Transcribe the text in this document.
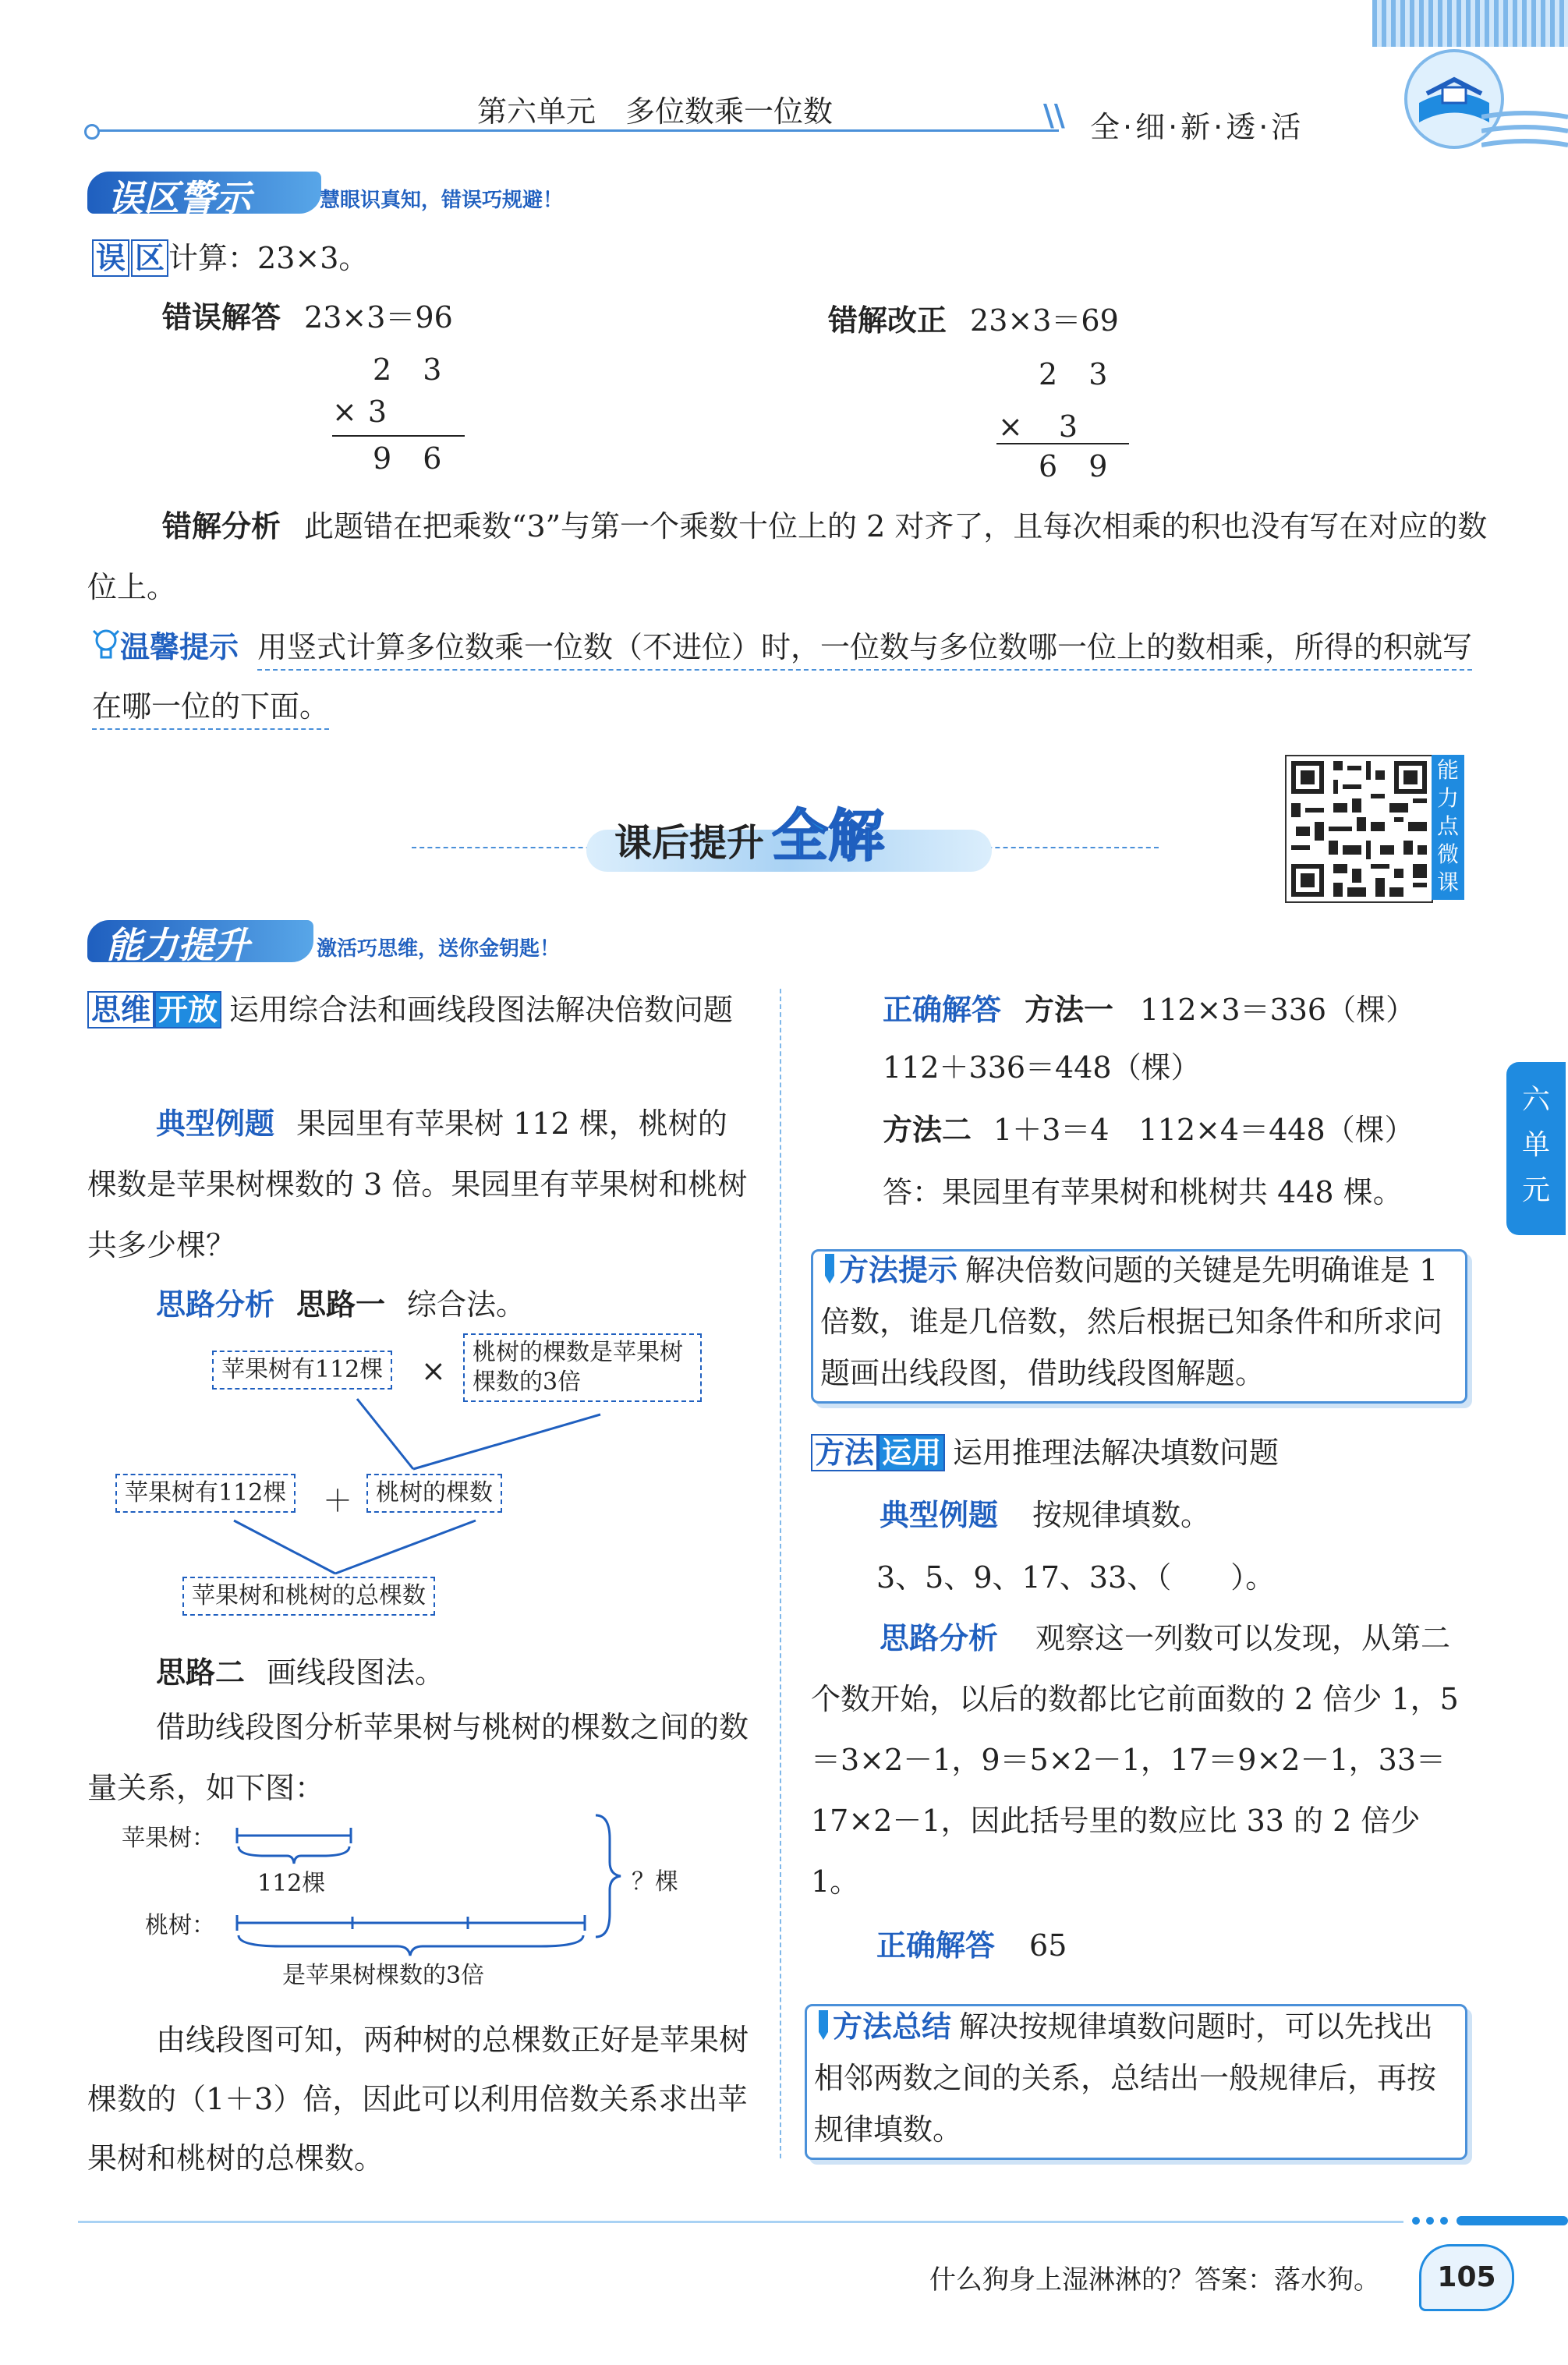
第六单元　多位数乘一位数	\\ 全·细·新·透·活
误区警示	慧眼识真知，错误巧规避！
误 区 计算：23×3。
错误解答 23×3＝96
2 3
×3
9 6
错解改正 23×3＝69
2 3
×　3
6 9
错解分析 此题错在把乘数“3”与第一个乘数十位上的 2 对齐了，且每次相乘的积也没有写在对应的数位上。
温馨提示 用竖式计算多位数乘一位数（不进位）时，一位数与多位数哪一位上的数相乘，所得的积就写在哪一位的下面。
课后提升 全解
能
力
点
微
课
能力提升	激活巧思维，送你金钥匙！
思维 开放 运用综合法和画线段图法解决倍数问题
典型例题 果园里有苹果树 112 棵，桃树的棵数是苹果树棵数的 3 倍。果园里有苹果树和桃树共多少棵？
思路分析 思路一 综合法。
苹果树有112棵	×
桃树的棵数是苹果树棵数的3倍
苹果树有112棵	＋ 桃树的棵数
苹果树和桃树的总棵数
思路二 画线段图法。
借助线段图分析苹果树与桃树的棵数之间的数量关系，如下图：
苹果树：
桃树：
112棵	？棵
是苹果树棵数的3倍
由线段图可知，两种树的总棵数正好是苹果树棵数的（1＋3）倍，因此可以利用倍数关系求出苹果树和桃树的总棵数。
正确解答 方法一 112×3＝336（棵）
112＋336＝448（棵）
方法二 1＋3＝4　112×4＝448（棵）
答：果园里有苹果树和桃树共 448 棵。
方法提示 解决倍数问题的关键是先明确谁是 1 倍数，谁是几倍数，然后根据已知条件和所求问题画出线段图，借助线段图解题。
方法 运用 运用推理法解决填数问题
典型例题 按规律填数。
3、5、9、17、33、（　　）。
思路分析 观察这一列数可以发现，从第二个数开始，以后的数都比它前面数的 2 倍少 1，5＝3×2－1，9＝5×2－1，17＝9×2－1，33＝17×2－1，因此括号里的数应比 33 的 2 倍少 1。
正确解答 65
方法总结 解决按规律填数问题时，可以先找出相邻两数之间的关系，总结出一般规律后，再按规律填数。
六
单
元
什么狗身上湿淋淋的？答案：落水狗。	105
